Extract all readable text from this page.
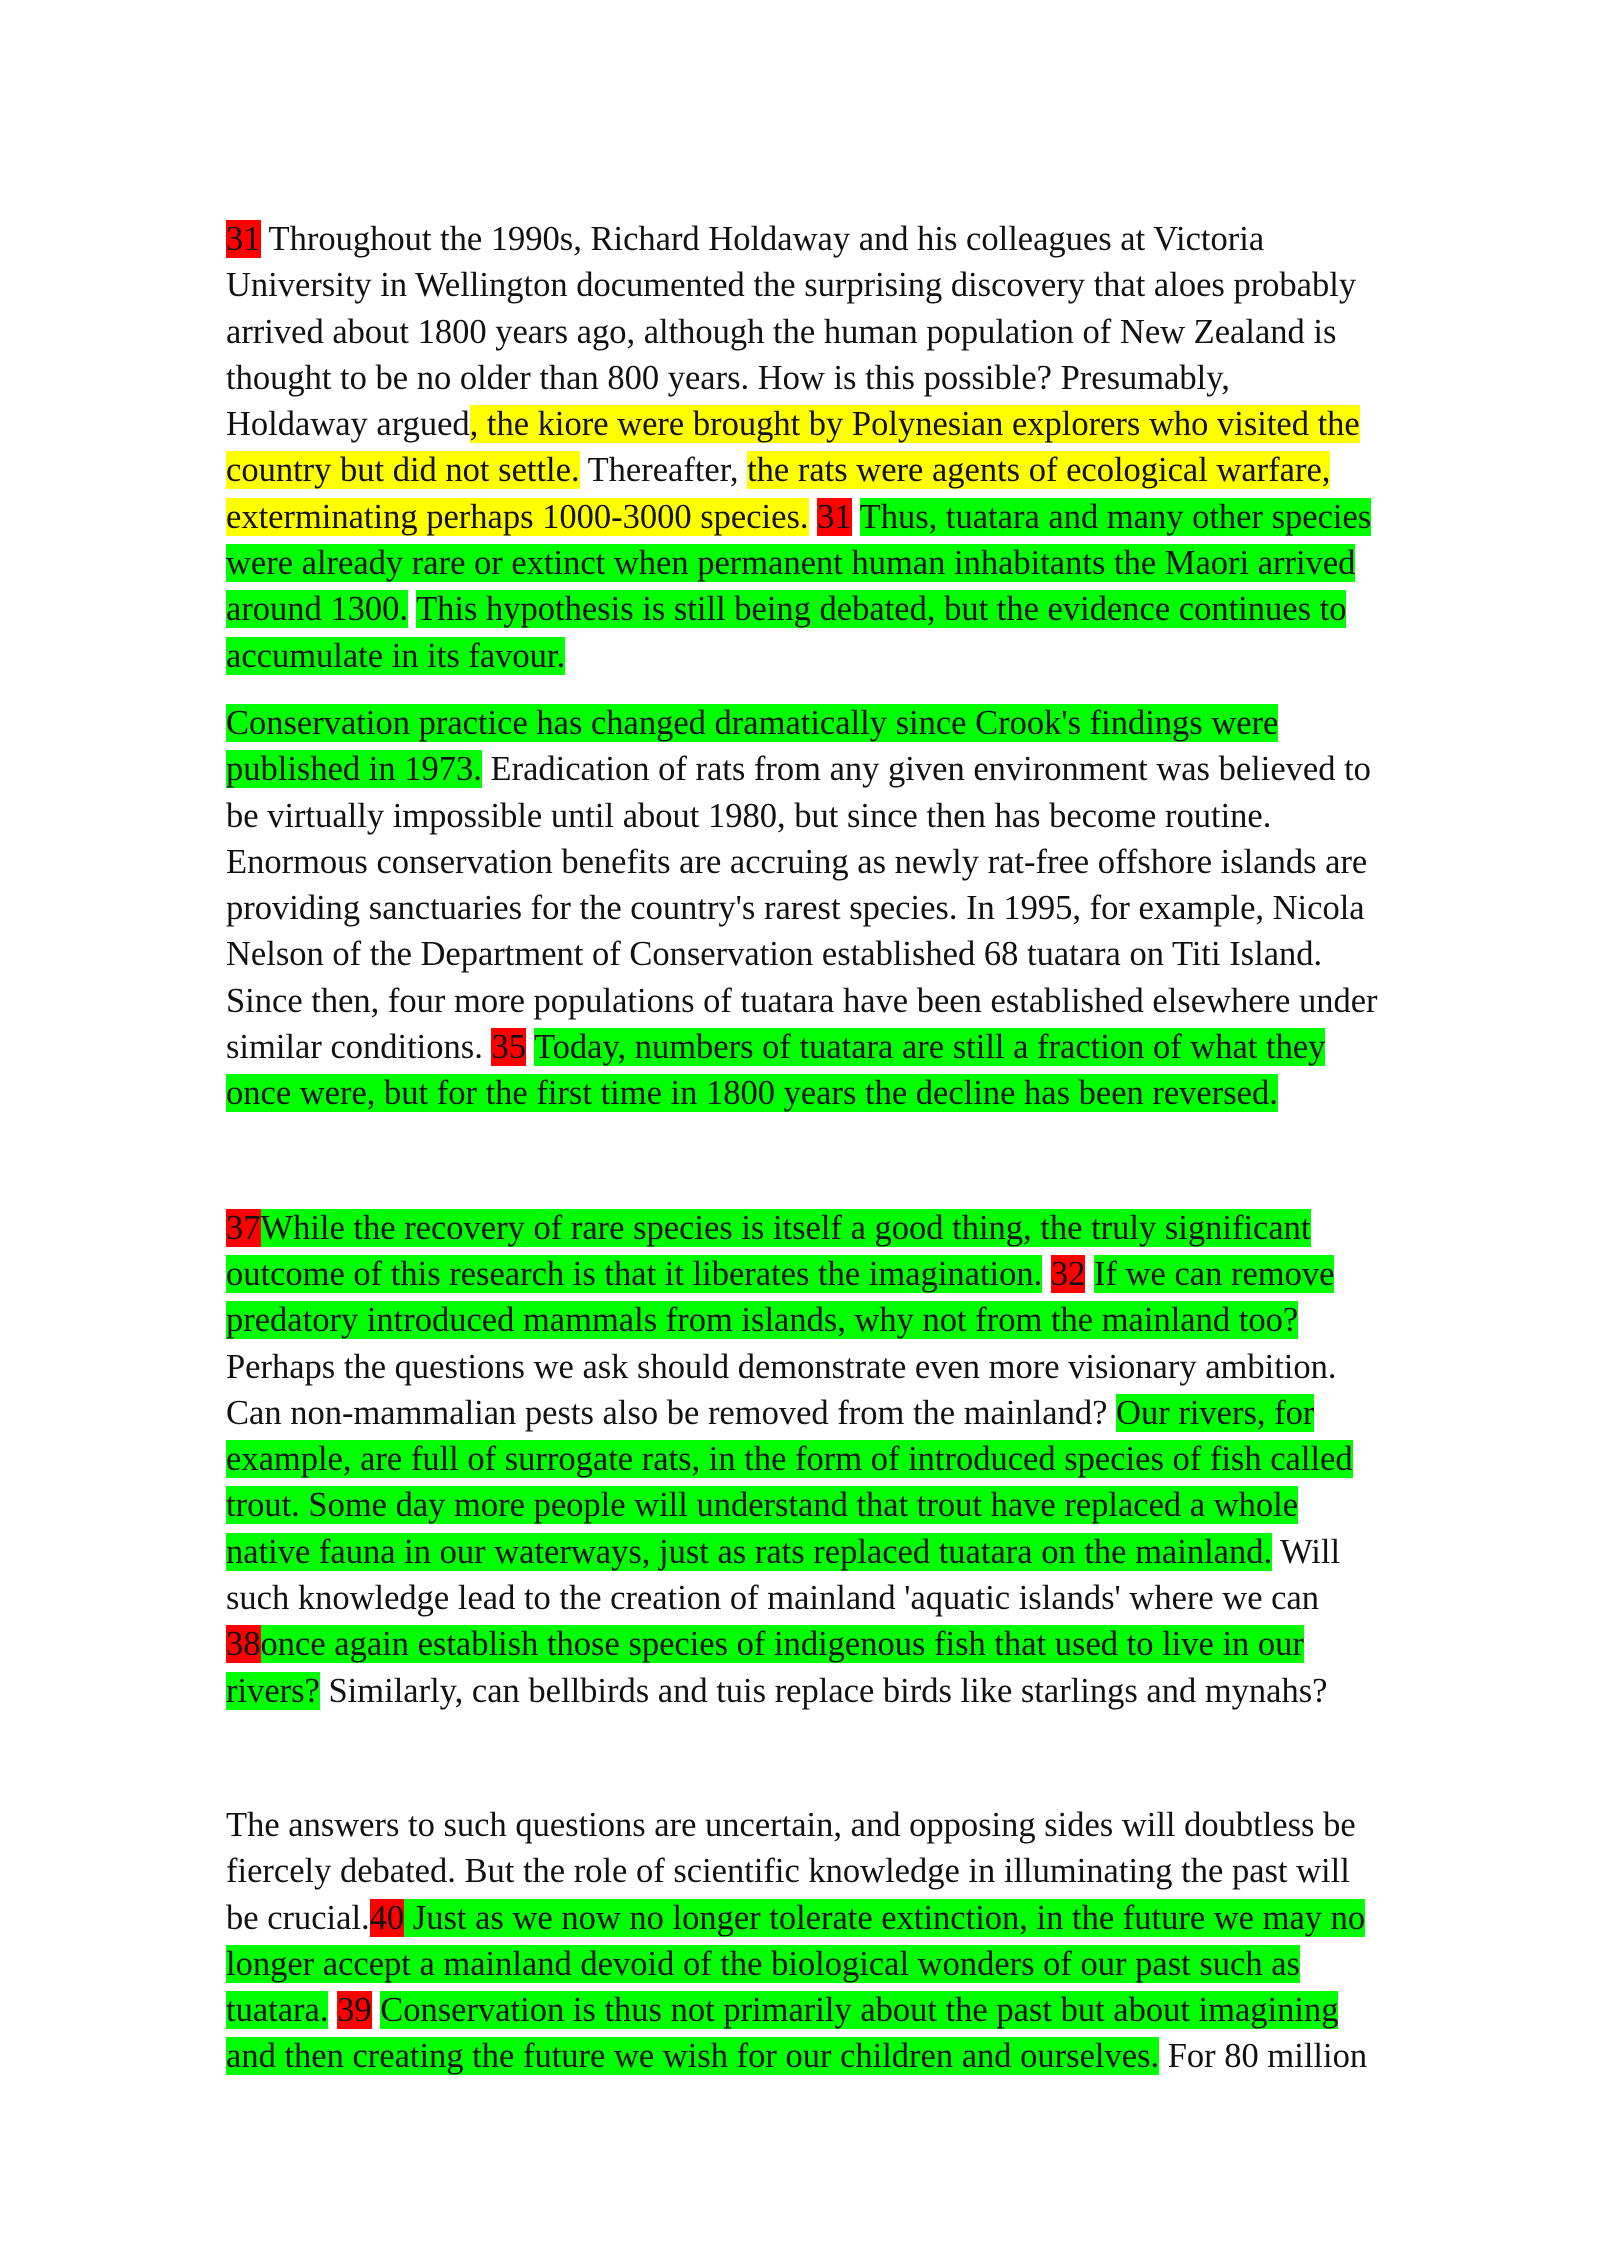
31 Throughout the 1990s, Richard Holdaway and his colleagues at Victoria
University in Wellington documented the surprising discovery that aloes probably
arrived about 1800 years ago, although the human population of New Zealand is
thought to be no older than 800 years. How is this possible? Presumably,
Holdaway argued, the kiore were brought by Polynesian explorers who visited the
country but did not settle. Thereafter, the rats were agents of ecological warfare,
exterminating perhaps 1000-3000 species. 31 Thus, tuatara and many other species
were already rare or extinct when permanent human inhabitants the Maori arrived
around 1300. This hypothesis is still being debated, but the evidence continues to
accumulate in its favour.
Conservation practice has changed dramatically since Crook's findings were
published in 1973. Eradication of rats from any given environment was believed to
be virtually impossible until about 1980, but since then has become routine.
Enormous conservation benefits are accruing as newly rat-free offshore islands are
providing sanctuaries for the country's rarest species. In 1995, for example, Nicola
Nelson of the Department of Conservation established 68 tuatara on Titi Island.
Since then, four more populations of tuatara have been established elsewhere under
similar conditions. 35 Today, numbers of tuatara are still a fraction of what they
once were, but for the first time in 1800 years the decline has been reversed.
37While the recovery of rare species is itself a good thing, the truly significant
outcome of this research is that it liberates the imagination. 32 If we can remove
predatory introduced mammals from islands, why not from the mainland too?
Perhaps the questions we ask should demonstrate even more visionary ambition.
Can non-mammalian pests also be removed from the mainland? Our rivers, for
example, are full of surrogate rats, in the form of introduced species of fish called
trout. Some day more people will understand that trout have replaced a whole
native fauna in our waterways, just as rats replaced tuatara on the mainland. Will
such knowledge lead to the creation of mainland 'aquatic islands' where we can
38once again establish those species of indigenous fish that used to live in our
rivers? Similarly, can bellbirds and tuis replace birds like starlings and mynahs?
The answers to such questions are uncertain, and opposing sides will doubtless be
fiercely debated. But the role of scientific knowledge in illuminating the past will
be crucial.40 Just as we now no longer tolerate extinction, in the future we may no
longer accept a mainland devoid of the biological wonders of our past such as
tuatara. 39 Conservation is thus not primarily about the past but about imagining
and then creating the future we wish for our children and ourselves. For 80 million
